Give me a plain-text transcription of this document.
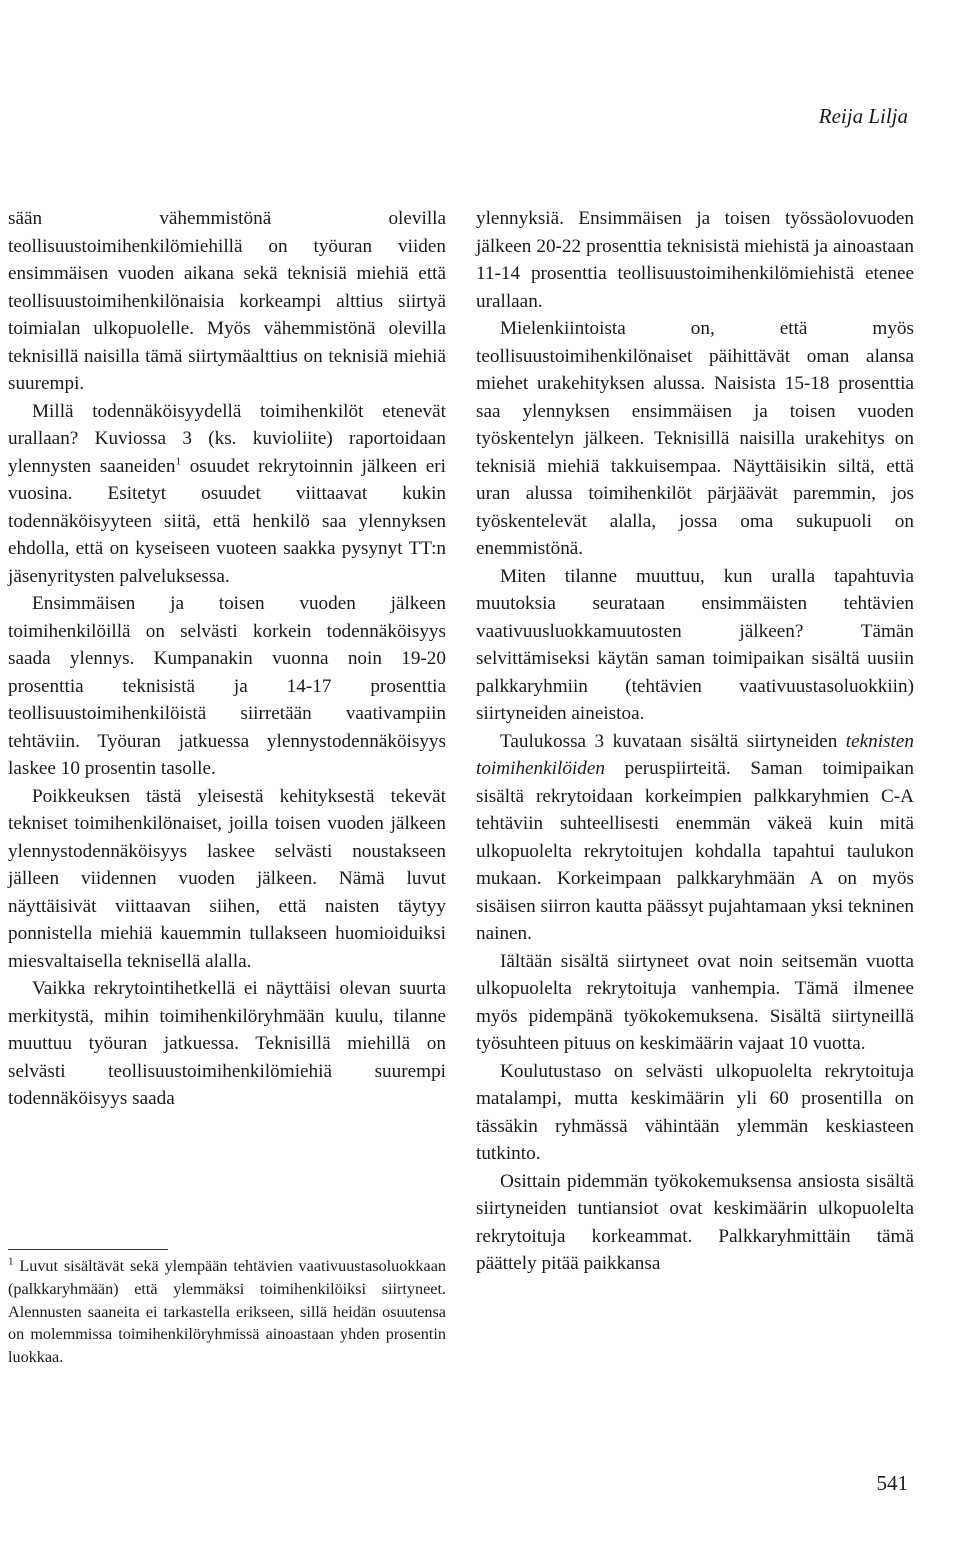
Reija Lilja

sään vähemmistönä olevilla teollisuustoimihenkilömiehillä on työuran viiden ensimmäisen vuoden aikana sekä teknisiä miehiä että teollisuustoimihenkilönaisia korkeampi alttius siirtyä toimialan ulkopuolelle. Myös vähemmistönä olevilla teknisillä naisilla tämä siirtymäalttius on teknisiä miehiä suurempi.

Millä todennäköisyydellä toimihenkilöt etenevät urallaan? Kuviossa 3 (ks. kuvioliite) raportoidaan ylennysten saaneiden$^1$ osuudet rekrytoinnin jälkeen eri vuosina. Esitetyt osuudet viittaavat kukin todennäköisyyteen siitä, että henkilö saa ylennyksen ehdolla, että on kyseiseen vuoteen saakka pysynyt TT:n jäsenyritysten palveluksessa.

Ensimmäisen ja toisen vuoden jälkeen toimihenkilöillä on selvästi korkein todennäköisyys saada ylennys. Kumpanakin vuonna noin 19-20 prosenttia teknisistä ja 14-17 prosenttia teollisuustoimihenkilöistä siirretään vaativampiin tehtäviin. Työuran jatkuessa ylennystodennäköisyys laskee 10 prosentin tasolle.

Poikkeuksen tästä yleisestä kehityksestä tekevät tekniset toimihenkilönaiset, joilla toisen vuoden jälkeen ylennystodennäköisyys laskee selvästi noustakseen jälleen viidennen vuoden jälkeen. Nämä luvut näyttäisivät viittaavan siihen, että naisten täytyy ponnistella miehiä kauemmin tullakseen huomioiduiksi miesvaltaisella teknisellä alalla.

Vaikka rekrytointihetkellä ei näyttäisi olevan suurta merkitystä, mihin toimihenkilöryhmään kuulu, tilanne muuttuu työuran jatkuessa. Teknisillä miehillä on selvästi teollisuustoimihenkilömiehiä suurempi todennäköisyys saada

$^1$ Luvut sisältävät sekä ylempään tehtävien vaativuustasoluokkaan (palkkaryhmään) että ylemmäksi toimihenkilöiksi siirtyneet. Alennusten saaneita ei tarkastella erikseen, sillä heidän osuutensa on molemmissa toimihenkilöryhmissä ainoastaan yhden prosentin luokkaa.

ylennyksiä. Ensimmäisen ja toisen työssäolovuoden jälkeen 20-22 prosenttia teknisistä miehistä ja ainoastaan 11-14 prosenttia teollisuustoimihenkilömiehistä etenee urallaan.

Mielenkiintoista on, että myös teollisuustoimihenkilönaiset päihittävät oman alansa miehet urakehityksen alussa. Naisista 15-18 prosenttia saa ylennyksen ensimmäisen ja toisen vuoden työskentelyn jälkeen. Teknisillä naisilla urakehitys on teknisiä miehiä takkuisempaa. Näyttäisikin siltä, että uran alussa toimihenkilöt pärjäävät paremmin, jos työskentelevät alalla, jossa oma sukupuoli on enemmistönä.

Miten tilanne muuttuu, kun uralla tapahtuvia muutoksia seurataan ensimmäisten tehtävien vaativuusluokkamuutosten jälkeen? Tämän selvittämiseksi käytän saman toimipaikan sisältä uusiin palkkaryhmiin (tehtävien vaativuustasoluokkiin) siirtyneiden aineistoa.

Taulukossa 3 kuvataan sisältä siirtyneiden teknisten toimihenkilöiden peruspiirteitä. Saman toimipaikan sisältä rekrytoidaan korkeimpien palkkaryhmien C-A tehtäviin suhteellisesti enemmän väkeä kuin mitä ulkopuolelta rekrytoitujen kohdalla tapahtui taulukon mukaan. Korkeimpaan palkkaryhmään A on myös sisäisen siirron kautta päässyt pujahtamaan yksi tekninen nainen.

Iältään sisältä siirtyneet ovat noin seitsemän vuotta ulkopuolelta rekrytoituja vanhempia. Tämä ilmenee myös pidempänä työkokemuksena. Sisältä siirtyneillä työsuhteen pituus on keskimäärin vajaat 10 vuotta.

Koulutustaso on selvästi ulkopuolelta rekrytoituja matalampi, mutta keskimäärin yli 60 prosentilla on tässäkin ryhmässä vähintään ylemmän keskiasteen tutkinto.

Osittain pidemmän työkokemuksensa ansiosta sisältä siirtyneiden tuntiansiot ovat keskimäärin ulkopuolelta rekrytoituja korkeammat. Palkkaryhmittäin tämä päättely pitää paikkansa

541
